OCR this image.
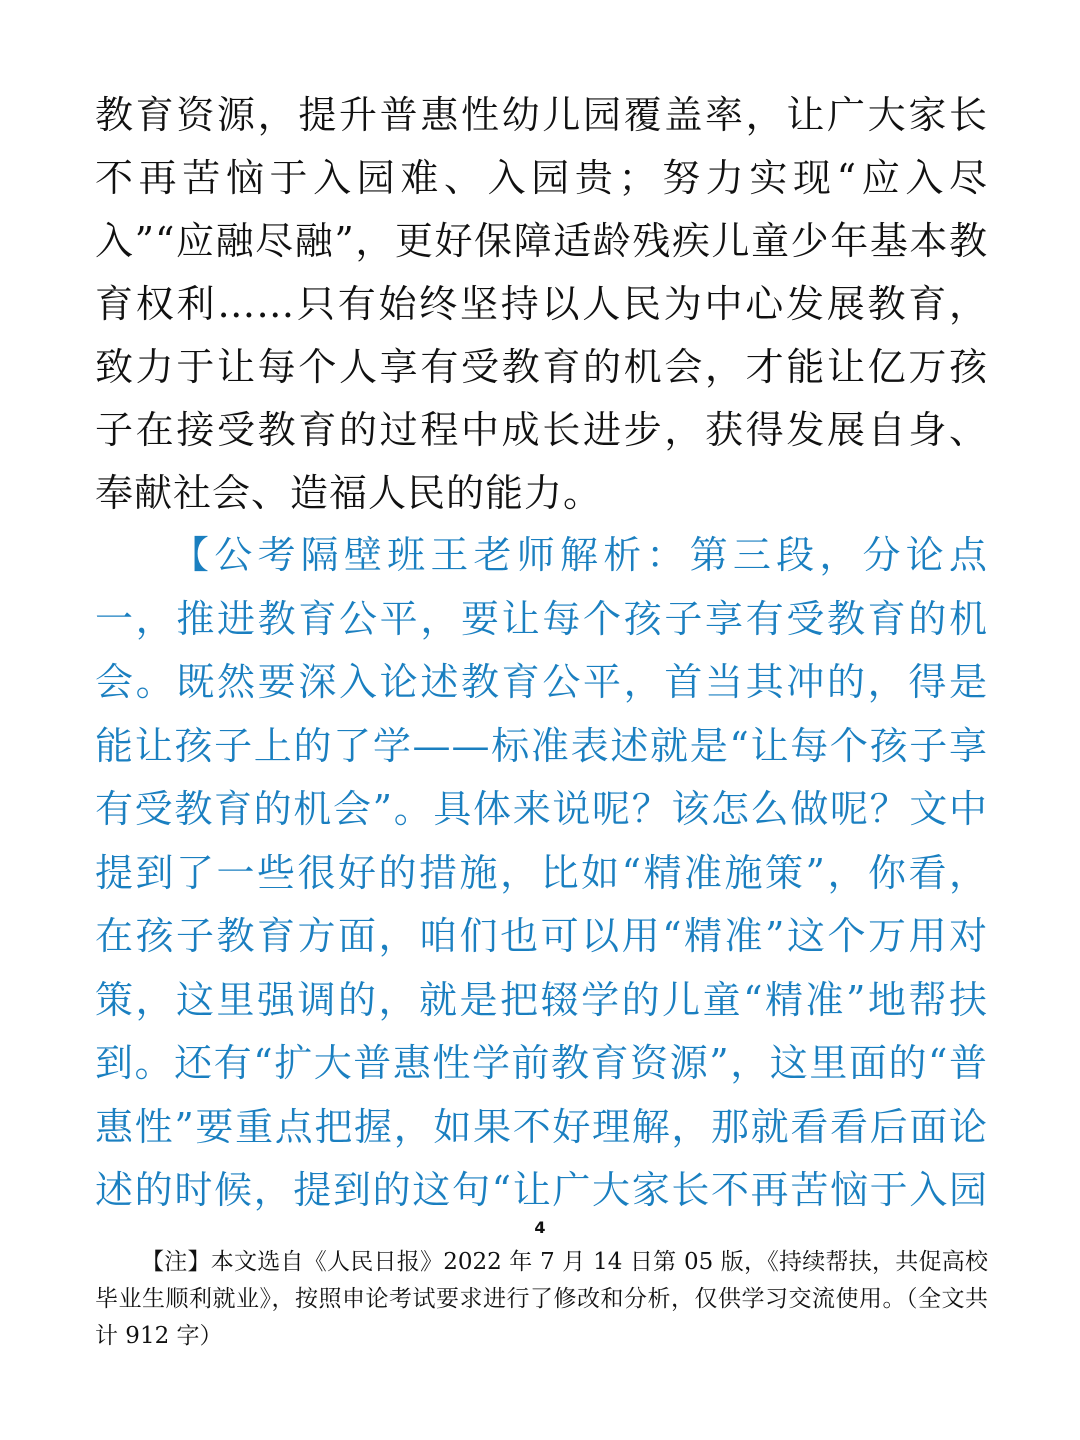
教育资源，提升普惠性幼儿园覆盖率，让广大家长不再苦恼于入园难、入园贵；努力实现“应入尽入”“应融尽融”，更好保障适龄残疾儿童少年基本教育权利……只有始终坚持以人民为中心发展教育，致力于让每个人享有受教育的机会，才能让亿万孩子在接受教育的过程中成长进步，获得发展自身、奉献社会、造福人民的能力。

【公考隔壁班王老师解析：第三段，分论点一，推进教育公平，要让每个孩子享有受教育的机会。既然要深入论述教育公平，首当其冲的，得是能让孩子上的了学——标准表述就是“让每个孩子享有受教育的机会”。具体来说呢？该怎么做呢？文中提到了一些很好的措施，比如“精准施策”，你看，在孩子教育方面，咱们也可以用“精准”这个万用对策，这里强调的，就是把辍学的儿童“精准”地帮扶到。还有“扩大普惠性学前教育资源”，这里面的“普惠性”要重点把握，如果不好理解，那就看看后面论述的时候，提到的这句“让广大家长不再苦恼于入园

4

【注】本文选自《人民日报》2022 年 7 月 14 日第 05 版，《持续帮扶，共促高校毕业生顺利就业》，按照申论考试要求进行了修改和分析，仅供学习交流使用。（全文共计 912 字）
